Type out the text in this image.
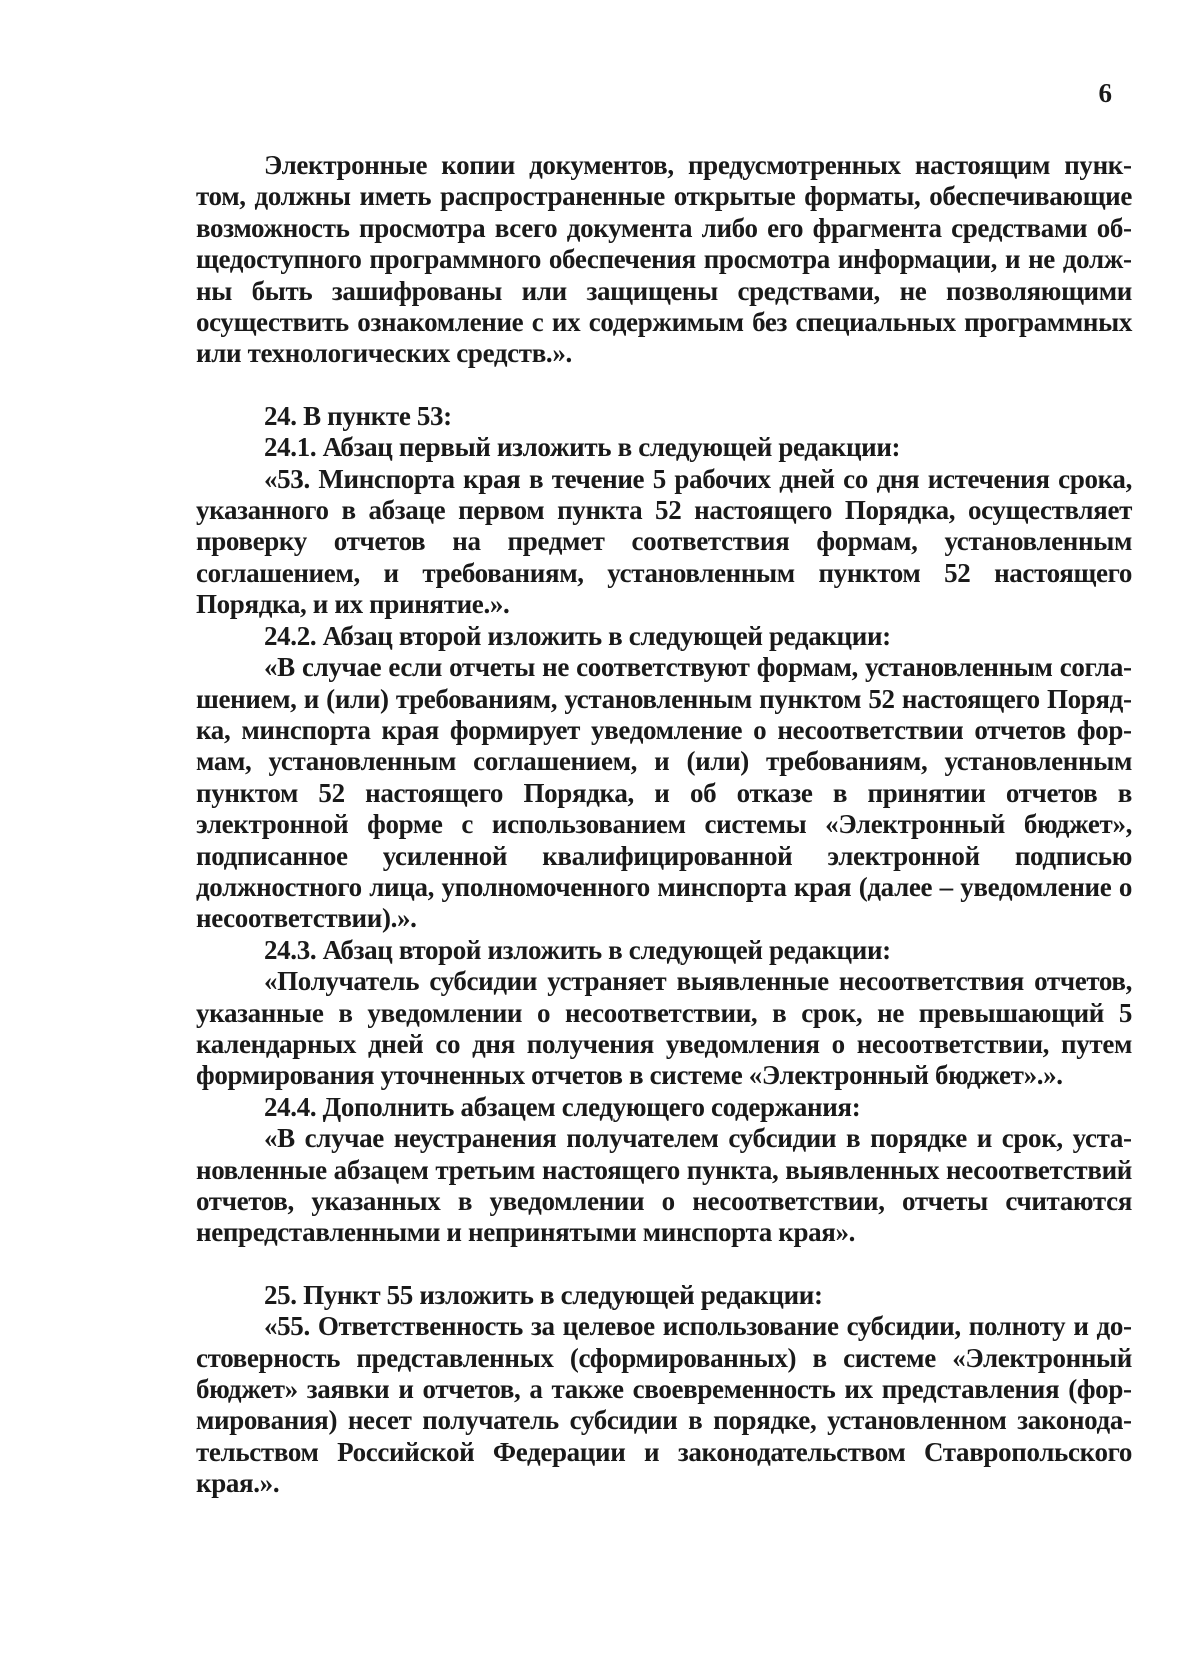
6

Электронные копии документов, предусмотренных настоящим пунктом, должны иметь распространенные открытые форматы, обеспечивающие возможность просмотра всего документа либо его фрагмента средствами общедоступного программного обеспечения просмотра информации, и не должны быть зашифрованы или защищены средствами, не позволяющими осуществить ознакомление с их содержимым без специальных программных или технологических средств.».

24. В пункте 53:

24.1. Абзац первый изложить в следующей редакции:

«53. Минспорта края в течение 5 рабочих дней со дня истечения срока, указанного в абзаце первом пункта 52 настоящего Порядка, осуществляет проверку отчетов на предмет соответствия формам, установленным соглашением, и требованиям, установленным пунктом 52 настоящего Порядка, и их принятие.».

24.2. Абзац второй изложить в следующей редакции:

«В случае если отчеты не соответствуют формам, установленным соглашением, и (или) требованиям, установленным пунктом 52 настоящего Порядка, минспорта края формирует уведомление о несоответствии отчетов формам, установленным соглашением, и (или) требованиям, установленным пунктом 52 настоящего Порядка, и об отказе в принятии отчетов в электронной форме с использованием системы «Электронный бюджет», подписанное усиленной квалифицированной электронной подписью должностного лица, уполномоченного минспорта края (далее – уведомление о несоответствии).».

24.3. Абзац второй изложить в следующей редакции:

«Получатель субсидии устраняет выявленные несоответствия отчетов, указанные в уведомлении о несоответствии, в срок, не превышающий 5 календарных дней со дня получения уведомления о несоответствии, путем формирования уточненных отчетов в системе «Электронный бюджет».».

24.4. Дополнить абзацем следующего содержания:

«В случае неустранения получателем субсидии в порядке и срок, установленные абзацем третьим настоящего пункта, выявленных несоответствий отчетов, указанных в уведомлении о несоответствии, отчеты считаются непредставленными и непринятыми минспорта края».

25. Пункт 55 изложить в следующей редакции:

«55. Ответственность за целевое использование субсидии, полноту и достоверность представленных (сформированных) в системе «Электронный бюджет» заявки и отчетов, а также своевременность их представления (формирования) несет получатель субсидии в порядке, установленном законодательством Российской Федерации и законодательством Ставропольского края.».
